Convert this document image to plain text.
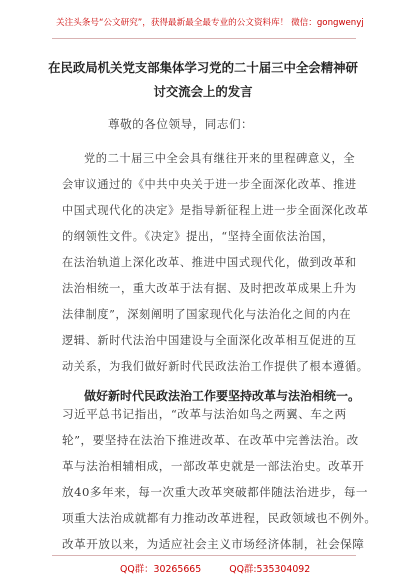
关注头条号“公文研究”，获得最新最全最专业的公文资料库！ 微信：gongwenyj
在民政局机关党支部集体学习党的二十届三中全会精神研
讨交流会上的发言
尊敬的各位领导，同志们：
党的二十届三中全会具有继往开来的里程碑意义，全
会审议通过的《中共中央关于进一步全面深化改革、推进
中国式现代化的决定》是指导新征程上进一步全面深化改革
的纲领性文件。《决定》提出，“坚持全面依法治国，
在法治轨道上深化改革、推进中国式现代化，做到改革和
法治相统一，重大改革于法有据、及时把改革成果上升为
法律制度”，深刻阐明了国家现代化与法治化之间的内在
逻辑、新时代法治中国建设与全面深化改革相互促进的互
动关系，为我们做好新时代民政法治工作提供了根本遵循。
做好新时代民政法治工作要坚持改革与法治相统一。
习近平总书记指出，“改革与法治如鸟之两翼、车之两
轮”，要坚持在法治下推进改革、在改革中完善法治。改
革与法治相辅相成，一部改革史就是一部法治史。改革开
放40多年来，每一次重大改革突破都伴随法治进步，每一
项重大法治成就都有力推动改革进程，民政领域也不例外。
改革开放以来，为适应社会主义市场经济体制，社会保障
QQ群：30265665	QQ群:535304092
